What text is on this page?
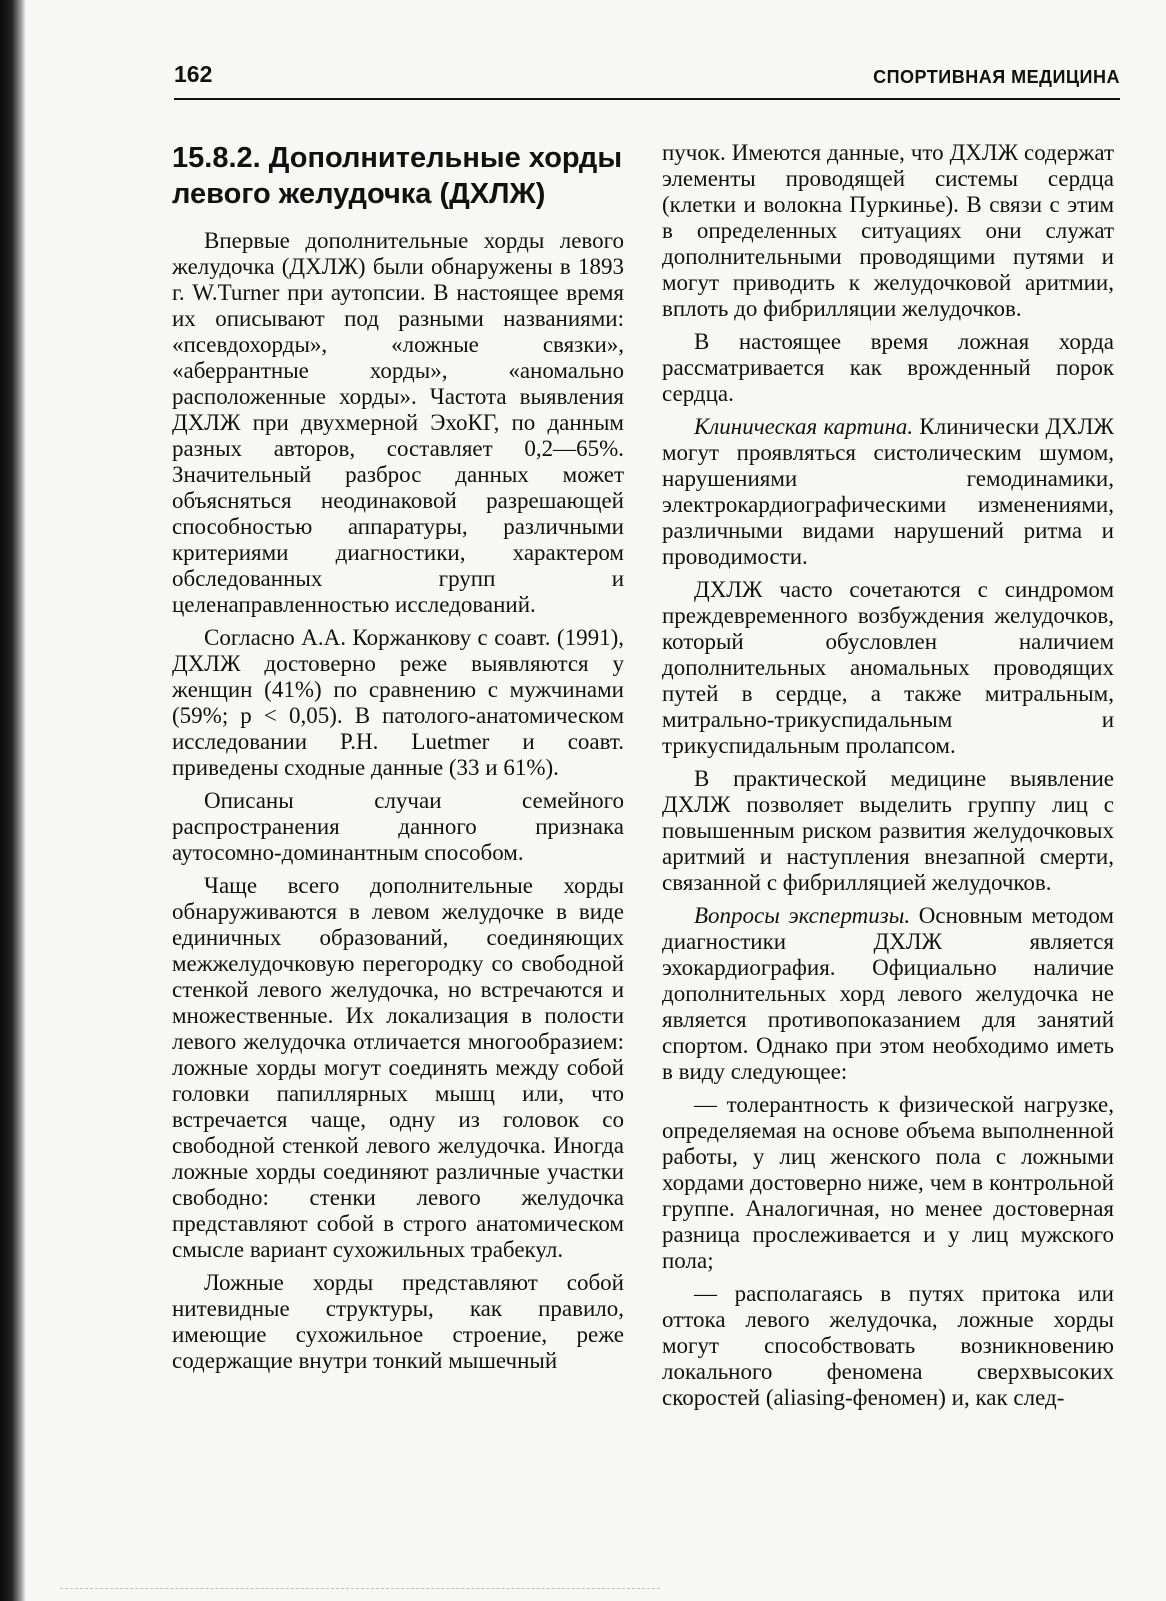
162	СПОРТИВНАЯ МЕДИЦИНА
15.8.2. Дополнительные хорды левого желудочка (ДХЛЖ)

Впервые дополнительные хорды левого желудочка (ДХЛЖ) были обнаружены в 1893 г. W.Turner при аутопсии. В настоящее время их описывают под разными названиями: «псевдохорды», «ложные связки», «аберрантные хорды», «аномально расположенные хорды». Частота выявления ДХЛЖ при двухмерной ЭхоКГ, по данным разных авторов, составляет 0,2—65%. Значительный разброс данных может объясняться неодинаковой разрешающей способностью аппаратуры, различными критериями диагностики, характером обследованных групп и целенаправленностью исследований.

Согласно А.А. Коржанкову с соавт. (1991), ДХЛЖ достоверно реже выявляются у женщин (41%) по сравнению с мужчинами (59%; р < 0,05). В патолого-анатомическом исследовании P.H. Luetmer и соавт. приведены сходные данные (33 и 61%).

Описаны случаи семейного распространения данного признака аутосомно-доминантным способом.

Чаще всего дополнительные хорды обнаруживаются в левом желудочке в виде единичных образований, соединяющих межжелудочковую перегородку со свободной стенкой левого желудочка, но встречаются и множественные. Их локализация в полости левого желудочка отличается многообразием: ложные хорды могут соединять между собой головки папиллярных мышц или, что встречается чаще, одну из головок со свободной стенкой левого желудочка. Иногда ложные хорды соединяют различные участки свободно: стенки левого желудочка представляют собой в строго анатомическом смысле вариант сухожильных трабекул.

Ложные хорды представляют собой нитевидные структуры, как правило, имеющие сухожильное строение, реже содержащие внутри тонкий мышечный

пучок. Имеются данные, что ДХЛЖ содержат элементы проводящей системы сердца (клетки и волокна Пуркинье). В связи с этим в определенных ситуациях они служат дополнительными проводящими путями и могут приводить к желудочковой аритмии, вплоть до фибрилляции желудочков.

В настоящее время ложная хорда рассматривается как врожденный порок сердца.

Клиническая картина. Клинически ДХЛЖ могут проявляться систолическим шумом, нарушениями гемодинамики, электрокардиографическими изменениями, различными видами нарушений ритма и проводимости.

ДХЛЖ часто сочетаются с синдромом преждевременного возбуждения желудочков, который обусловлен наличием дополнительных аномальных проводящих путей в сердце, а также митральным, митрально-трикуспидальным и трикуспидальным пролапсом.

В практической медицине выявление ДХЛЖ позволяет выделить группу лиц с повышенным риском развития желудочковых аритмий и наступления внезапной смерти, связанной с фибрилляцией желудочков.

Вопросы экспертизы. Основным методом диагностики ДХЛЖ является эхокардиография. Официально наличие дополнительных хорд левого желудочка не является противопоказанием для занятий спортом. Однако при этом необходимо иметь в виду следующее:

— толерантность к физической нагрузке, определяемая на основе объема выполненной работы, у лиц женского пола с ложными хордами достоверно ниже, чем в контрольной группе. Аналогичная, но менее достоверная разница прослеживается и у лиц мужского пола;

— располагаясь в путях притока или оттока левого желудочка, ложные хорды могут способствовать возникновению локального феномена сверхвысоких скоростей (aliasing-феномен) и, как след-
